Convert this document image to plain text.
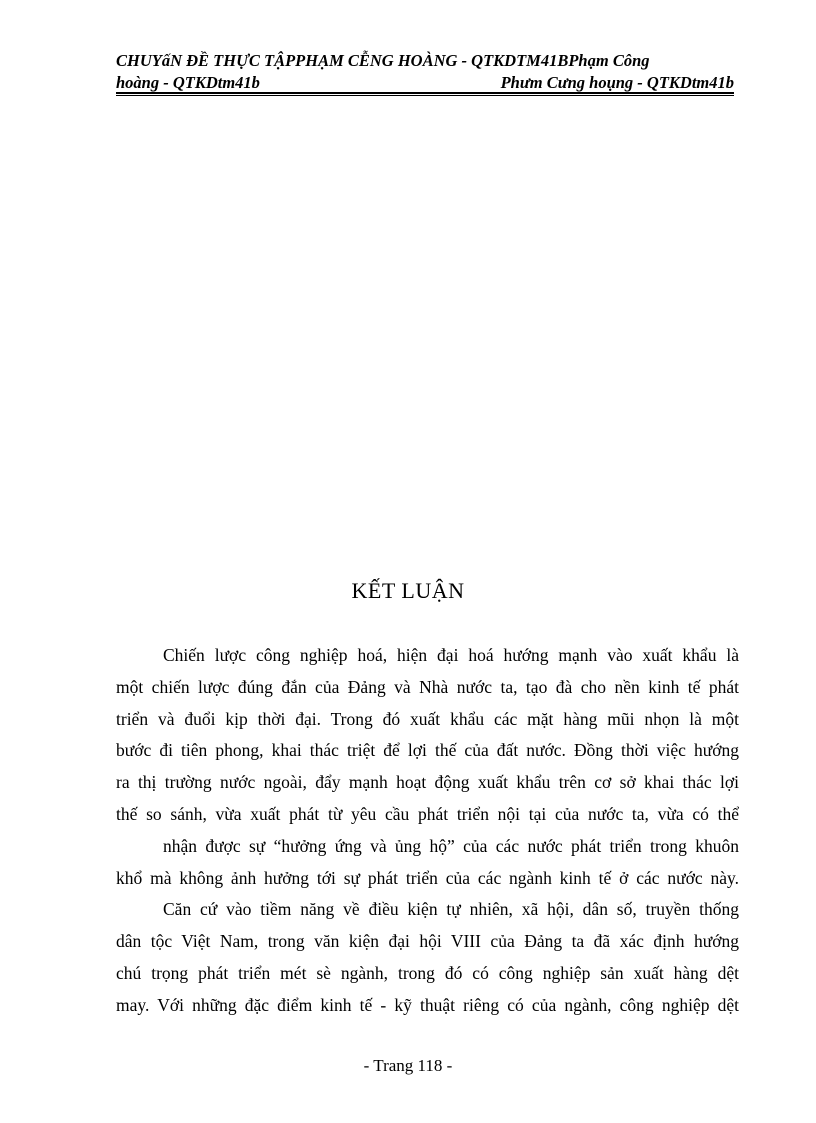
CHUYấN ĐỀ THỰC TẬPPHẠM CỄNG HOÀNG - QTKDTM41BPhạm Công
hoàng - QTKDtm41b	Phưm Cưng hoụng - QTKDtm41b
KẾT LUẬN
Chiến lược công nghiệp hoá, hiện đại hoá hướng mạnh vào xuất khẩu là
một chiến lược đúng đắn của Đảng và Nhà nước ta, tạo đà cho nền kinh tế phát
triển và đuổi kịp thời đại. Trong đó xuất khẩu các mặt hàng mũi nhọn là một
bước đi tiên phong, khai thác triệt để lợi thế của đất nước. Đồng thời việc hướng
ra thị trường nước ngoài, đẩy mạnh hoạt động xuất khẩu trên cơ sở khai thác lợi
thế so sánh, vừa xuất phát từ yêu cầu phát triển nội tại của nước ta, vừa có thể
nhận được sự “hưởng ứng và ủng hộ” của các nước phát triển trong khuôn
khổ mà không ảnh hưởng tới sự phát triển của các ngành kinh tế ở các nước này.
Căn cứ vào tiềm năng về điều kiện tự nhiên, xã hội, dân số, truyền thống
dân tộc Việt Nam, trong văn kiện đại hội VIII của Đảng ta đã xác định hướng
chú trọng phát triển mét sè ngành, trong đó có công nghiệp sản xuất hàng dệt
may. Với những đặc điểm kinh tế - kỹ thuật riêng có của ngành, công nghiệp dệt
- Trang 118 -
